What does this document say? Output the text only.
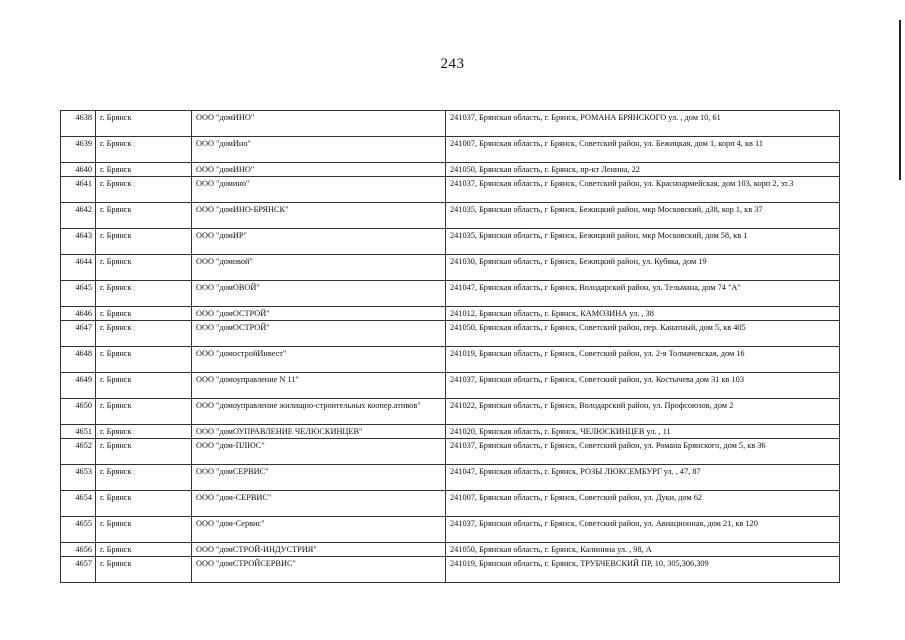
243
4638	г. Брянск	ООО "домИНО"	241037, Брянская область, г. Брянск, РОМАНА БРЯНСКОГО ул. , дом 10, 61
4639	г. Брянск	ООО "домИно"	241007, Брянская область, г Брянск, Советский район, ул. Бежицкая, дом 1, корп 4, кв 11
4640	г. Брянск	ООО "домИНО"	241050, Брянская область, г. Брянск, пр-кт Ленина, 22
4641	г. Брянск	ООО "домино"	241037, Брянская область, г Брянск, Советский район, ул. Красноармейская, дом 103, корп 2, эт.3
4642	г. Брянск	ООО "домИНО-БРЯНСК"	241035, Брянская область, г Брянск, Бежицкий район, мкр Московский, д38, кор 1, кв 37
4643	г. Брянск	ООО "домИР"	241035, Брянская область, г Брянск, Бежицкий район, мкр Московский, дом 58, кв 1
4644	г. Брянск	ООО "домовой"	241030, Брянская область, г Брянск, Бежицкий район, ул. Кубяка, дом 19
4645	г. Брянск	ООО "домОВОЙ"	241047, Брянская область, г Брянск, Володарский район, ул. Тельмана, дом 74 "А"
4646	г. Брянск	ООО "домОСТРОЙ"	241012, Брянская область, г. Брянск, КАМОЗИНА ул. , 38
4647	г. Брянск	ООО "домОСТРОЙ"	241050, Брянская область, г Брянск, Советский район, пер. Канатный, дом 5, кв 405
4648	г. Брянск	ООО "домостройИнвест"	241019, Брянская область, г Брянск, Советский район, ул. 2-я Толмачевская, дом 16
4649	г. Брянск	ООО "домоуправление N 11"	241037, Брянская область, г Брянск, Советский район, ул. Костычева дом 31 кв 103
4650	г. Брянск	ООО "домоуправление жилищно-строительных коопер.ативов"	241022, Брянская область, г Брянск, Володарский район, ул. Профсоюзов, дом 2
4651	г. Брянск	ООО "домОУПРАВЛЕНИЕ ЧЕЛЮСКИНЦЕВ"	241020, Брянская область, г. Брянск, ЧЕЛЮСКИНЦЕВ ул. , 11
4652	г. Брянск	ООО "дом-ПЛЮС"	241037, Брянская область, г Брянск, Советский район, ул. Романа Брянского, дом 5, кв 36
4653	г. Брянск	ООО "домСЕРВИС"	241047, Брянская область, г. Брянск, РОЗЫ ЛЮКСЕМБУРГ ул. , 47, 87
4654	г. Брянск	ООО "дом-СЕРВИС"	241007, Брянская область, г Брянск, Советский район, ул. Дуки, дом 62
4655	г. Брянск	ООО "дом-Сервис"	241037, Брянская область, г Брянск, Советский район, ул. Авиационная, дом 21, кв 120
4656	г. Брянск	ООО "домСТРОЙ-ИНДУСТРИЯ"	241050, Брянская область, г. Брянск, Калинина ул. , 98, А
4657	г. Брянск	ООО "домСТРОЙСЕРВИС"	241019, Брянская область, г. Брянск, ТРУБЧЕВСКИЙ ПР, 10, 305,306,309
